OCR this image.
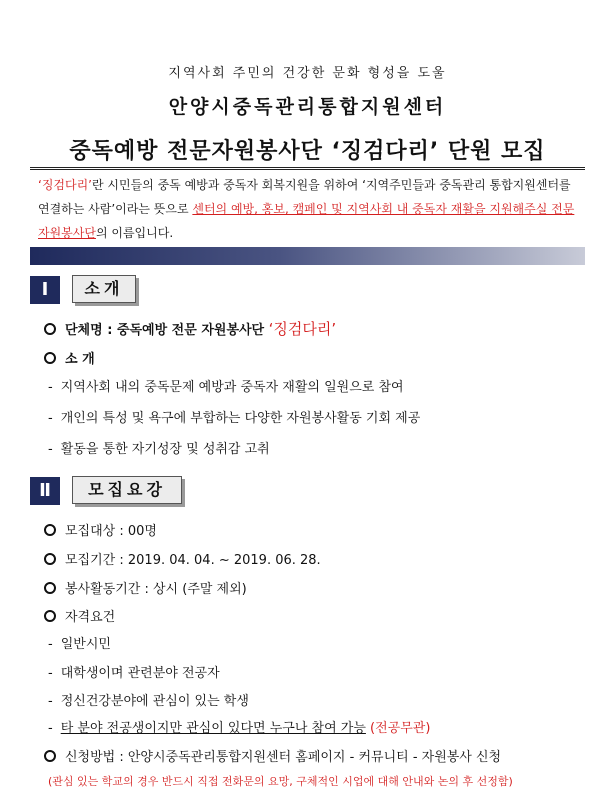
지역사회 주민의 건강한 문화 형성을 도울
안양시중독관리통합지원센터
중독예방 전문자원봉사단 ‘징검다리’ 단원 모집
‘징검다리’란 시민들의 중독 예방과 중독자 회복지원을 위하여 ‘지역주민들과 중독관리 통합지원센터를 연결하는 사람’이라는 뜻으로 센터의 예방, 홍보, 캠페인 및 지역사회 내 중독자 재활을 지원해주실 전문자원봉사단의 이름입니다.
Ⅰ	소개
단체명 : 중독예방 전문 자원봉사단 ‘징검다리’
소 개
- 지역사회 내의 중독문제 예방과 중독자 재활의 일원으로 참여
- 개인의 특성 및 욕구에 부합하는 다양한 자원봉사활동 기회 제공
- 활동을 통한 자기성장 및 성취감 고취
Ⅱ	모집요강
모집대상 : 00명
모집기간 : 2019. 04. 04. ~ 2019. 06. 28.
봉사활동기간 : 상시 (주말 제외)
자격요건
- 일반시민
- 대학생이며 관련분야 전공자
- 정신건강분야에 관심이 있는 학생
- 타 분야 전공생이지만 관심이 있다면 누구나 참여 가능 (전공무관)
신청방법 : 안양시중독관리통합지원센터 홈페이지 - 커뮤니티 - 자원봉사 신청
(관심 있는 학교의 경우 반드시 직접 전화문의 요망, 구체적인 시업에 대해 안내와 논의 후 선정함)
